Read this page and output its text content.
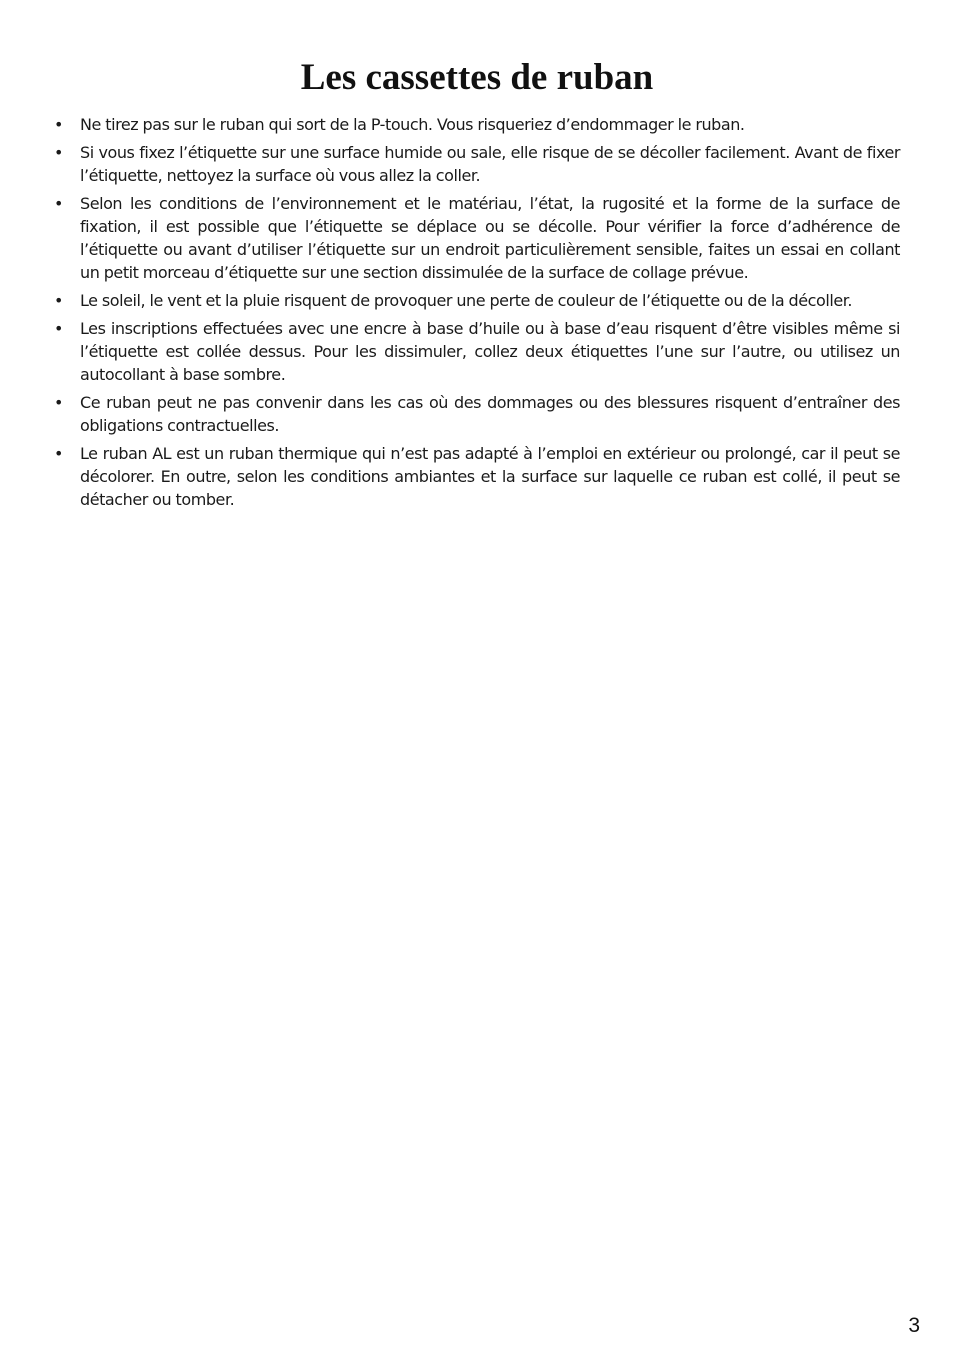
Les cassettes de ruban
• Ne tirez pas sur le ruban qui sort de la P-touch. Vous risqueriez d’endommager le ruban.
• Si vous fixez l’étiquette sur une surface humide ou sale, elle risque de se décoller facilement. Avant de fixer l’étiquette, nettoyez la surface où vous allez la coller.
• Selon les conditions de l’environnement et le matériau, l’état, la rugosité et la forme de la surface de fixation, il est possible que l’étiquette se déplace ou se décolle. Pour vérifier la force d’adhérence de l’étiquette ou avant d’utiliser l’étiquette sur un endroit particulièrement sensible, faites un essai en collant un petit morceau d’étiquette sur une section dissimulée de la surface de collage prévue.
• Le soleil, le vent et la pluie risquent de provoquer une perte de couleur de l’étiquette ou de la décoller.
• Les inscriptions effectuées avec une encre à base d’huile ou à base d’eau risquent d’être visibles même si l’étiquette est collée dessus. Pour les dissimuler, collez deux étiquettes l’une sur l’autre, ou utilisez un autocollant à base sombre.
• Ce ruban peut ne pas convenir dans les cas où des dommages ou des blessures risquent d’entraîner des obligations contractuelles.
• Le ruban AL est un ruban thermique qui n’est pas adapté à l’emploi en extérieur ou prolongé, car il peut se décolorer. En outre, selon les conditions ambiantes et la surface sur laquelle ce ruban est collé, il peut se détacher ou tomber.
3
